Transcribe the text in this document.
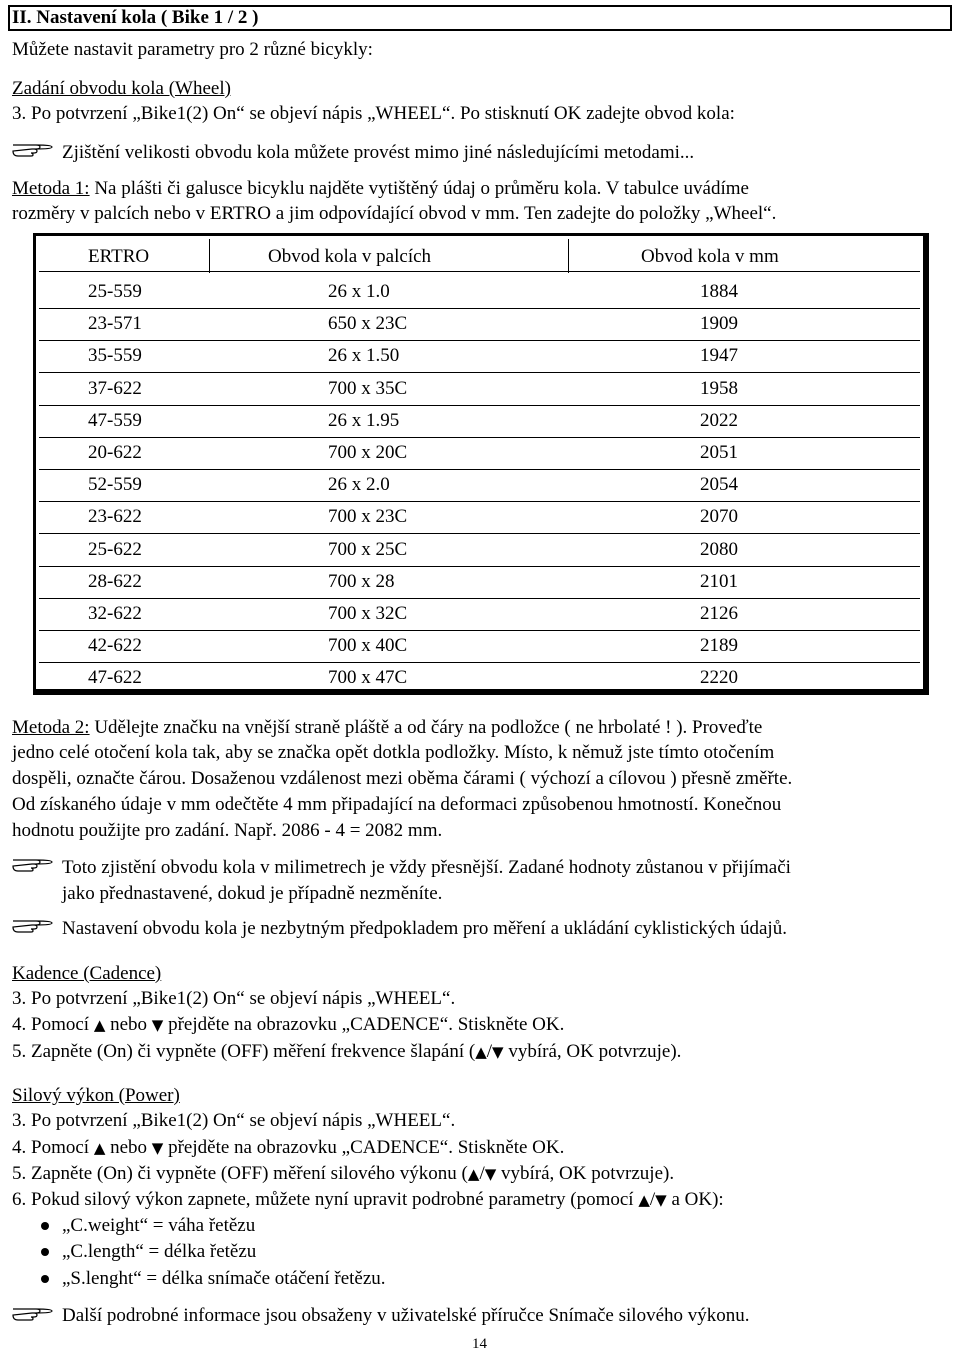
II. Nastavení kola ( Bike 1 / 2 )
Můžete nastavit parametry pro 2 různé bicykly:
Zadání obvodu kola (Wheel)
3. Po potvrzení „Bike1(2) On“ se objeví nápis „WHEEL“. Po stisknutí OK zadejte obvod kola:
Zjištění velikosti obvodu kola můžete provést mimo jiné následujícími metodami...
Metoda 1: Na plášti či galusce bicyklu najděte vytištěný údaj o průměru kola. V tabulce uvádíme
rozměry v palcích nebo v ERTRO a jim odpovídající obvod v mm. Ten zadejte do položky „Wheel“.
ERTRO	Obvod kola v palcích	Obvod kola v mm
25-559	26 x 1.0	1884
23-571	650 x 23C	1909
35-559	26 x 1.50	1947
37-622	700 x 35C	1958
47-559	26 x 1.95	2022
20-622	700 x 20C	2051
52-559	26 x 2.0	2054
23-622	700 x 23C	2070
25-622	700 x 25C	2080
28-622	700 x 28	2101
32-622	700 x 32C	2126
42-622	700 x 40C	2189
47-622	700 x 47C	2220
Metoda 2: Udělejte značku na vnější straně pláště a od čáry na podložce ( ne hrbolaté ! ). Proveďte
jedno celé otočení kola tak, aby se značka opět dotkla podložky. Místo, k němuž jste tímto otočením
dospěli, označte čárou. Dosaženou vzdálenost mezi oběma čárami ( výchozí a cílovou ) přesně změřte.
Od získaného údaje v mm odečtěte 4 mm připadající na deformaci způsobenou hmotností. Konečnou
hodnotu použijte pro zadání. Např. 2086 - 4 = 2082 mm.
Toto zjistění obvodu kola v milimetrech je vždy přesnější. Zadané hodnoty zůstanou v přijímači
jako přednastavené, dokud je případně nezměníte.
Nastavení obvodu kola je nezbytným předpokladem pro měření a ukládání cyklistických údajů.
Kadence (Cadence)
3. Po potvrzení „Bike1(2) On“ se objeví nápis „WHEEL“.
4. Pomocí ▲ nebo ▼ přejděte na obrazovku „CADENCE“. Stiskněte OK.
5. Zapněte (On) či vypněte (OFF) měření frekvence šlapání (▲/▼ vybírá, OK potvrzuje).
Silový výkon (Power)
3. Po potvrzení „Bike1(2) On“ se objeví nápis „WHEEL“.
4. Pomocí ▲ nebo ▼ přejděte na obrazovku „CADENCE“. Stiskněte OK.
5. Zapněte (On) či vypněte (OFF) měření silového výkonu (▲/▼ vybírá, OK potvrzuje).
6. Pokud silový výkon zapnete, můžete nyní upravit podrobné parametry (pomocí ▲/▼ a OK):
„C.weight“ = váha řetězu
„C.length“ = délka řetězu
„S.lenght“ = délka snímače otáčení řetězu.
Další podrobné informace jsou obsaženy v uživatelské příručce Snímače silového výkonu.
14
